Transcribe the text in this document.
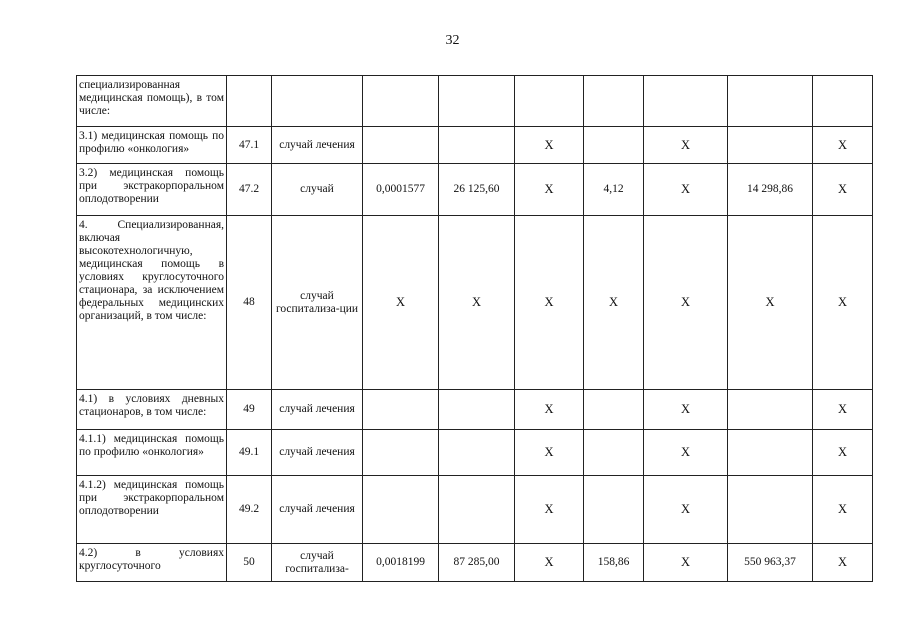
32
специализированная медицинская помощь), в том числе:									
3.1) медицинская помощь по профилю «онкология»	47.1	случай лечения			X		X		X
3.2) медицинская помощь при экстракорпоральном оплодотворении	47.2	случай	0,0001577	26 125,60	X	4,12	X	14 298,86	X
4. Специализированная, включая высокотехнологичную, медицинская помощь в условиях круглосуточного стационара, за исключением федеральных медицинских организаций, в том числе:	48	случай госпитализа-ции	X	X	X	X	X	X	X
4.1) в условиях дневных стационаров, в том числе:	49	случай лечения			X		X		X
4.1.1) медицинская помощь по профилю «онкология»	49.1	случай лечения			X		X		X
4.1.2) медицинская помощь при экстракорпоральном оплодотворении	49.2	случай лечения			X		X		X
4.2) в условиях круглосуточного	50	случай госпитализа-	0,0018199	87 285,00	X	158,86	X	550 963,37	X
